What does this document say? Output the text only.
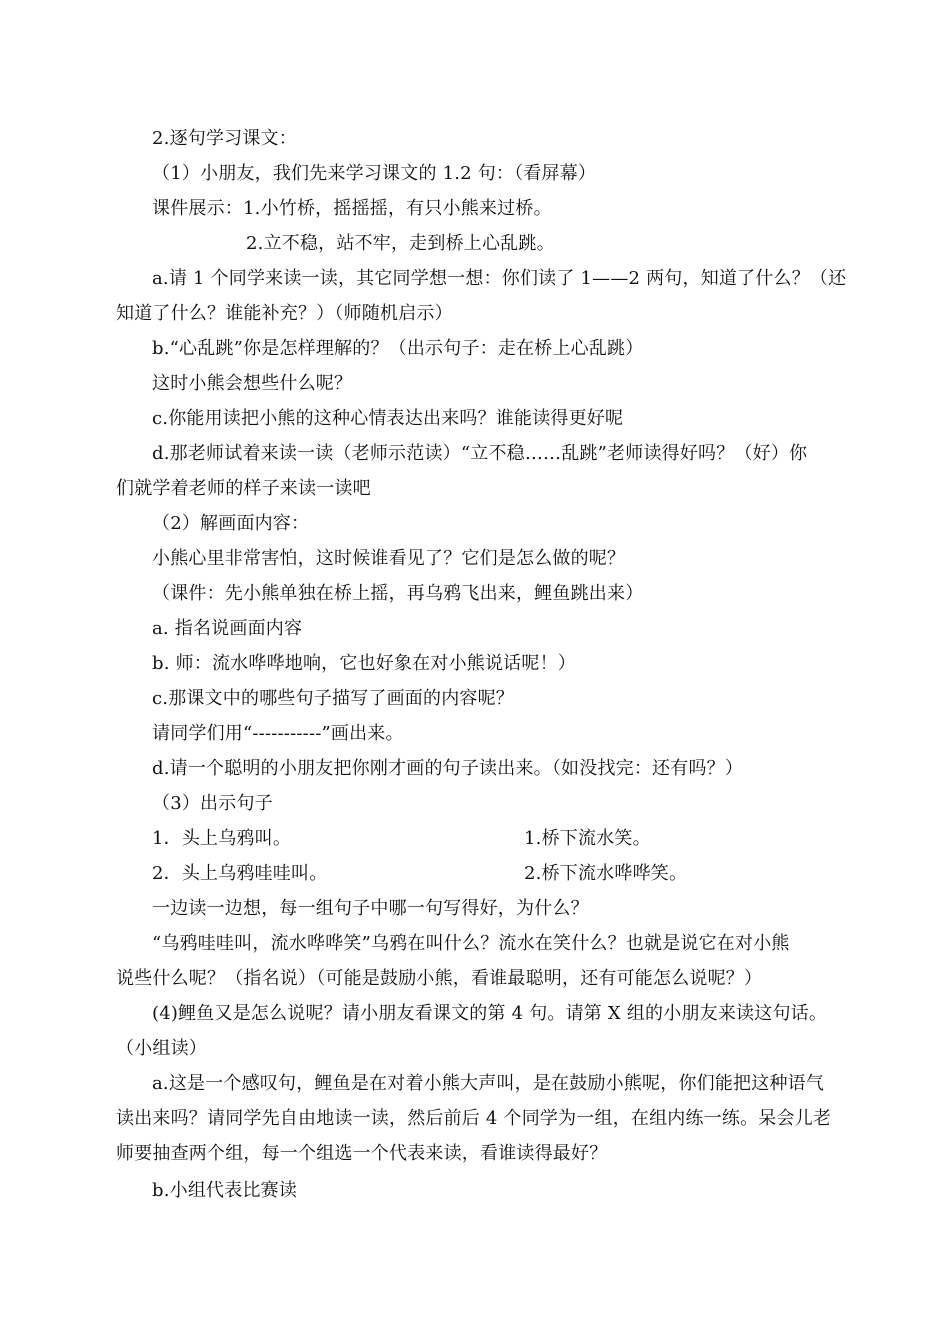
2.逐句学习课文：
（1）小朋友，我们先来学习课文的 1.2 句：（看屏幕）
课件展示：1.小竹桥，摇摇摇，有只小熊来过桥。
2.立不稳，站不牢，走到桥上心乱跳。
a.请 1 个同学来读一读，其它同学想一想：你们读了 1——2 两句，知道了什么？（还
知道了什么？谁能补充？）（师随机启示）
b.“心乱跳”你是怎样理解的？（出示句子：走在桥上心乱跳）
这时小熊会想些什么呢？
c.你能用读把小熊的这种心情表达出来吗？谁能读得更好呢
d.那老师试着来读一读（老师示范读）“立不稳……乱跳”老师读得好吗？（好）你
们就学着老师的样子来读一读吧
（2）解画面内容：
小熊心里非常害怕，这时候谁看见了？它们是怎么做的呢？
（课件：先小熊单独在桥上摇，再乌鸦飞出来，鲤鱼跳出来）
a. 指名说画面内容
b. 师：流水哗哗地响，它也好象在对小熊说话呢！）
c.那课文中的哪些句子描写了画面的内容呢？
请同学们用“-----------”画出来。
d.请一个聪明的小朋友把你刚才画的句子读出来。（如没找完：还有吗？）
（3）出示句子
1．头上乌鸦叫。	1.桥下流水笑。
2．头上乌鸦哇哇叫。	2.桥下流水哗哗笑。
一边读一边想，每一组句子中哪一句写得好，为什么？
“乌鸦哇哇叫，流水哗哗笑”乌鸦在叫什么？流水在笑什么？也就是说它在对小熊
说些什么呢？（指名说）（可能是鼓励小熊，看谁最聪明，还有可能怎么说呢？）
(4)鲤鱼又是怎么说呢？请小朋友看课文的第 4 句。请第 X 组的小朋友来读这句话。
（小组读）
a.这是一个感叹句，鲤鱼是在对着小熊大声叫，是在鼓励小熊呢，你们能把这种语气
读出来吗？请同学先自由地读一读，然后前后 4 个同学为一组，在组内练一练。呆会儿老
师要抽查两个组，每一个组选一个代表来读，看谁读得最好？
b.小组代表比赛读
